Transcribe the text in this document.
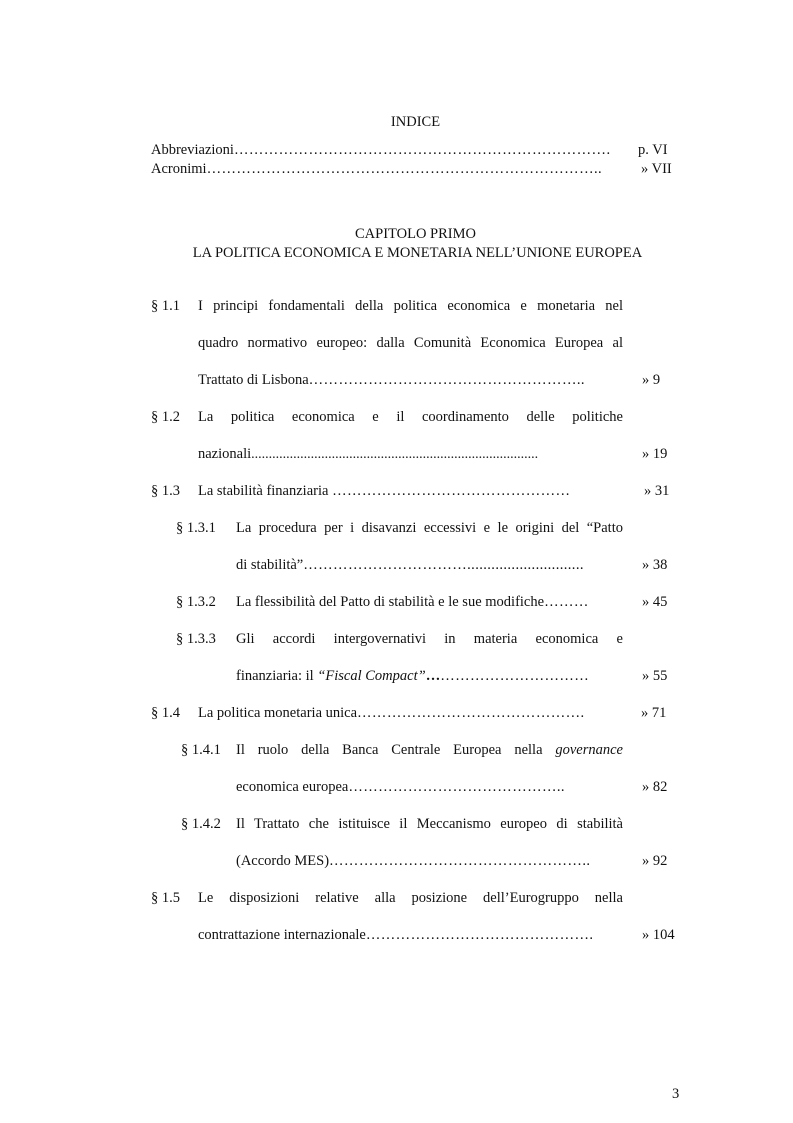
INDICE
Abbreviazioni…………………………………………………………………. p. VI
Acronimi……………………………………………………………………..	» VII
CAPITOLO PRIMO
LA POLITICA ECONOMICA E MONETARIA NELL’UNIONE EUROPEA
§ 1.1 I principi fondamentali della politica economica e monetaria nel
quadro normativo europeo: dalla Comunità Economica Europea al
Trattato di Lisbona………………………………………………..	» 9
§ 1.2 La politica economica e il coordinamento delle politiche
nazionali..................................................................................	» 19
§ 1.3 La stabilità finanziaria …………………………………………	» 31
§ 1.3.1 La procedura per i disavanzi eccessivi e le origini del “Patto
di stabilità”…………………………….............................	» 38
§ 1.3.2 La flessibilità del Patto di stabilità e le sue modifiche………	» 45
§ 1.3.3 Gli accordi intergovernativi in materia economica e
finanziaria: il “Fiscal Compact”……………………………	» 55
§ 1.4 La politica monetaria unica……………………………………….	» 71
§ 1.4.1 Il ruolo della Banca Centrale Europea nella governance
economica europea……………………………………..	» 82
§ 1.4.2 Il Trattato che istituisce il Meccanismo europeo di stabilità
(Accordo MES)……………………………………………..	» 92
§ 1.5 Le disposizioni relative alla posizione dell’Eurogruppo nella
contrattazione internazionale……………………………………….	» 104
3
